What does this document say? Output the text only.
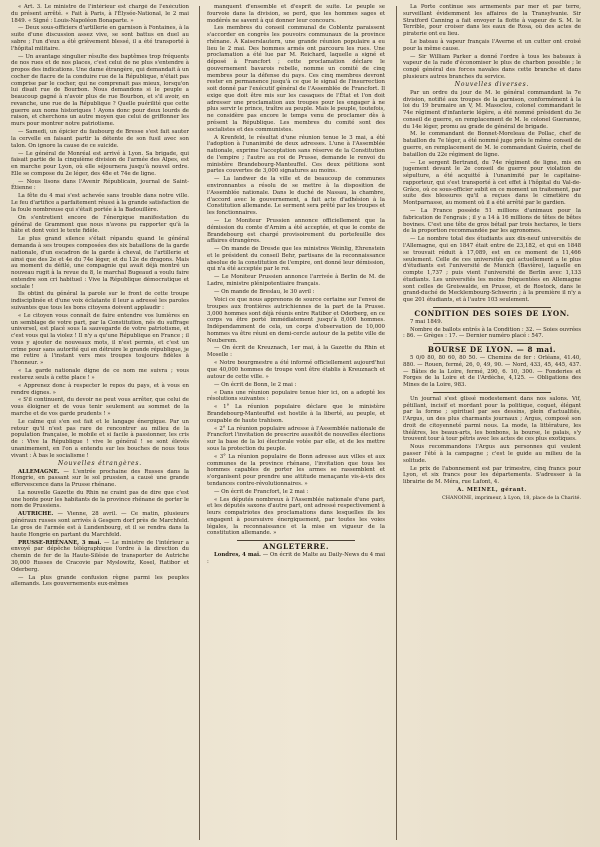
« Art. 3. Le ministre de l'intérieur est chargé de l'exécution du présent arrêté. « Fait à Paris, à l'Élysée-National, le 2 mai 1849. « Signé : Louis-Napoléon Bonaparte. »

— Deux sous-officiers d'artillerie en garnison à Fontaines, à la suite d'une discussion assez vive, se sont battus en duel au sabre ; l'un d'eux a été grièvement blessé, il a été transporté à l'hôpital militaire.

— Un avantage singulier résulte des baptêmes trop fréquents de nos rues et de nos places, c'est celui de ne plus s'entendre à propos des indications. Une dame étrangère, qui demandait à un cocher de fiacre de la conduire rue de la République, n'était pas comprise par le cocher, qui ne comprenait pas mieux, lorsqu'on lui disait rue de Bourbon. Nous demandons si le peuple a beaucoup gagné à n'avoir plus de rue Bourbon, et s'il avoir, en revanche, une rue de la République ? Quelle puérilité que cette guerre aux noms historiques ! Ayons donc pour deux lourds de raison, et cherchons un autre moyen que celui de griffonner les murs pour montrer notre patriotisme.

— Samedi, un épicier du faubourg de Bresse s'est fait sauter la cervelle en faisant partir la détente de son fusil avec son talon. On ignore la cause de ce suicide.

— Le général de Monréal est arrivé à Lyon. Sa brigade, qui faisait partie de la cinquième division de l'armée des Alpes, est en marche pour Lyon, où elle séjournera jusqu'à nouvel ordre. Elle se compose du 2e léger, des 48e et 74e de ligne.

— Nous lisons dans l'Avenir Républicain, journal de Saint-Étienne :

La fête du 4 mai s'est achevée sans trouble dans notre ville. Le feu d'artifice a parfaitement réussi à la grande satisfaction de la foule nombreuse qui s'était portée à la Badouillère.

On s'entretient encore de l'énergique manifestation du général de Grammont que nous n'avons pu rapporter qu'à la hâte et dont voici le texte fidèle.

Le plus grand silence s'était répandu quand le général demanda à ses troupes composées des six bataillons de la garde nationale, d'un escadron de la garde à cheval, de l'artillerie et ainsi que des 2e et 4e du 74e léger, et du 12e de dragons. Mais au moment du défilé, une compagnie qui avait déjà montré un nouveau rugit à la revue du 8, le marchal Bugeaud a voulu faire entendre son cri habituel : Vive la République démocratique et sociale !

Ils obtint du général la parole sur le front de cette troupe indisciplinée et d'une voix éclatante il leur a adressé les paroles suivantes que tous les bons citoyens doivent applaudir :

« Le citoyen vous connaît de faire entendre vos lumières en un semblage de votre part, par la Constitution, nés du suffrage universel, est placé sous la sauvegarde de votre patriotisme, et c'est vous qui la violez ! Il n'y a qu'une République en France ; il vous y ajouter de nouveaux mots, il n'est permis, et c'est un crime pour sans autorité qui en détruire le grande république, je me retire à l'instant vers mes troupes toujours fidèles à l'honneur. »

« La garde nationale digne de ce nom me suivra ; vous resterez seuls à cette place ! »

« Apprenez donc à respecter le repos du pays, et à vous en rendre dignes. »

« S'il continuent, du devoir ne peut vous arrêter, que celui de vous éloigner et de vous tenir seulement au sommet de la marche et de vos garde prudents ! »

Le calme qui s'en est fait et le langage énergique. Par un retour qu'il n'est pas rare de rencontrer au milieu de la population française, le mobile et si facile à passionner, les cris de : Vive la République ! vive le général ! se sont élevés unanimement, en l'on a entendu sur les bouches de nous tous vivant : À bas le socialisme !

Nouvelles étrangères.

ALLEMAGNE. — L'entrée prochaine des Russes dans la Hongrie, en passant sur le sol prussien, a causé une grande effervescence dans la Prusse rhénane.

La nouvelle Gazette du Rhin ne craint pas de dire que c'est une honte pour les habitants de la province rhénane de porter le nom de Prussiens.

AUTRICHE. — Vienne, 28 avril. — Ce matin, plusieurs généraux russes sont arrivés à Gesgern dorf près de Marchfeld. Le gros de l'armée est à Lundenbourg, et il se rendra dans la haute Hongrie en partant du Marchfeld.

PRUSSE-RHÉNANE, 3 mai. — Le ministre de l'intérieur a envoyé par dépêche télégraphique l'ordre à la direction du chemin de fer de la Haute-Silésie de transporter de Autriche 30,000 Russes de Cracovie par Myslowitz, Kosel, Ratibor et Oderberg.

— La plus grande confusion règne parmi les peuples allemands. Les gouvernements eux-mêmes

manquent d'ensemble et d'esprit de suite. Le peuple se fourvoie dans la division, se perd, que les hommes sages et modérés ne savent à qui donner leur concours.

Les membres du conseil communal de Coblentz paraissent s'accorder en congrès les pouvoirs communaux de la province rhénane. À Kaiserslautern, une grande réunion populaire a eu lieu le 2 mai. Des hommes armés ont parcouru les rues. Une proclamation a été lue par M. Reichard, laquelle a signé et déposé à Francfort ; cette proclamation déclare le gouvernement bavarois rebelle, nomme un comité de cinq membres pour la défense du pays. Ces cinq membres devront rester en permanence jusqu'à ce que le signal de l'insurrection soit donné par l'exécutif général de l'Assemblée de Francfort. Il exige que doit être mis sur les casaques de l'État et l'on doit adresser une proclamation aux troupes pour les engager à ne plus servir le prince, traître au peuple. Mais le peuple, toutefois, ne considère pas encore le temps venu de proclamer dès à présent la République. Les membres du comité sont des socialistes et des communistes.

A Krenfeld, le résultat d'une réunion tenue le 3 mai, a été l'adoption à l'unanimité de deux adresses. L'une à l'Assemblée nationale, exprime l'acceptation sans réserve de la Constitution de l'empire ; l'autre au roi de Prusse, demande le renvoi du ministère Brandebourg-Manteuffel. Ces deux pétitions sont partes couvertes de 3,000 signatures au moins.

— La landwer de la ville et de beaucoup de communes environnantes a résolu de se mettre à la disposition de l'Assemblée nationale. Dans le duché de Nassau, la chambre, d'accord avec le gouvernement, a fait acte d'adhésion à la Constitution allemande. Le serment sera prêté par les troupes et les fonctionnaires.

— Le Moniteur Prussien annonce officiellement que la démission du comte d'Arnim a été acceptée, et que le comte de Brandebourg est chargé provisoirement du portefeuille des affaires étrangères.

— On mande de Dresde que les ministres Weinlig, Ehrenstein et le président du conseil Behr, partisans de la reconnaissance absolue de la constitution de l'empire, ont donné leur démission, qui n'a été acceptée par le roi.

— Le Moniteur Prussien annonce l'arrivée à Berlin de M. de Ladre, ministre plénipotentiaire français.

— On mande de Breslau, le 30 avril :

Voici ce que nous apprenons de source certaine sur l'envoi de troupes aux frontières autrichiennes de la part de la Prusse. 3,000 hommes sont déjà réunis entre Ratibor et Oderberg, en ce corps va être porté immédiatement jusqu'à 8,000 hommes. Indépendamment de cela, un corps d'observation de 10,000 hommes va être réuni en demi-cercle autour de la petite ville de Neuberem.

— On écrit de Kreuznach, 1er mai, à la Gazette du Rhin et Moselle :

« Notre bourgmestre a été informé officiellement aujourd'hui que 40,000 hommes de troupe vont être établis à Kreuznach et autour de cette ville. »

— On écrit de Bonn, le 2 mai :

« Dans une réunion populaire tenue hier ici, on a adopté les résolutions suivantes :

« 1° La réunion populaire déclare que le ministère Brandebourg-Manteuffel est hostile à la liberté, au peuple, et coupable de haute trahison.

« 2° La réunion populaire adresse à l'Assemblée nationale de Francfort l'invitation de prescrire aussitôt de nouvelles élections sur la base de la loi électorale votée par elle, et de les mettre sous la protection du peuple.

« 3° La réunion populaire de Bonn adresse aux villes et aux communes de la province rhénane, l'invitation que tous les hommes capables de porter les armes se rassemblent et s'organisent pour prendre une attitude menaçante vis-à-vis des tendances contre-révolutionnaires. »

— On écrit de Francfort, le 2 mai :

« Les députés nombreux à l'Assemblée nationale d'une part, et les députés saxons d'autre part, ont adressé respectivement à leurs compatriotes des proclamations dans lesquelles ils les engagent à poursuivre énergiquement, par toutes les voies légales, la reconnaissance et la mise en vigueur de la constitution allemande. »

ANGLETERRE.

Londres, 4 mai. — On écrit de Malte au Daily-News du 4 mai :

La Porte continue ses armements par mer et par terre, surveillant évidemment les affaires de la Transylvanie. Sir Stratford Canning a fait envoyer la flotte à vapeur de S. M. le Terrible, pour croiser dans les eaux de Rosa, où des actes de piraterie ont eu lieu.

Le bateau à vapeur français l'Averne et un cutter ont croisé pour la même cause.

— Sir William Parker a donné l'ordre à tous les bateaux à vapeur de la rade d'économiser le plus de charbon possible ; le congé général des forces navales dans cette branche et dans plusieurs autres branches du service.

Nouvelles diverses.

Par un ordre du jour de M. le général commandant la 7e division, notifié aux troupes de la garnison, conformément à la loi du 19 brumaire an V, M. Masoclou, colonel commandant le 74e régiment d'infanterie légère, a été nommé président du 3e conseil de guerre, en remplacement de M. le colonel Gueranne, du 14e léger, promu au grade de général de brigade.

M. le commandant de Bonnet-Moreleau de Pollac, chef de bataillon du 7e léger, a été nommé juge près le même conseil de guerre, en remplacement de M. le commandant Guérin, chef de bataillon du 22e régiment de ligne.

— Le sergent Bertrand, du 74e régiment de ligne, mis en jugement devant le 2e conseil de guerre pour violation de sépulture, a été acquitté à l'unanimité par le capitaine-rapporteur, qui s'est transporté à cet effet à l'hôpital du Val-de-Grâce, où ce sous-officier subit en ce moment un traitement, par suite des blessures qu'il a reçues dans le cimetière du Montparnasse, au moment où il a été arrêté par le gardien.

— La France possède 51 millions d'animaux pour la fabrication de l'engrais ; il y a 14 à 16 millions de têtes de bêtes bovines. C'est une tête de gros bétail par trois hectares, le tiers de la proportion recommandée par les agronomes.

— Le nombre total des étudiants aux dix-neuf universités de l'Allemagne, qui en 1847 était entre de 23,182, et qui en 1848 se trouvait réduit à 17,089, est en ce moment de 11,466 seulement. Celle de ces universités qui actuellement a le plus d'étudiants est l'université de Munich (Bavière), laquelle en compte 1,737 ; puis vient l'université de Berlin avec 1,133 étudiants. Les universités les moins fréquentées en Allemagne sont celles de Greiswalde, en Prusse, et de Rostock, dans le grand-duché de Mecklembourg-Schwerin ; à la première il n'y a que 201 étudiants, et à l'autre 103 seulement.

CONDITION DES SOIES DE LYON.

7 mai 1849.

Nombre de ballots entrés à la Condition : 32. — Soies ouvrées : 86. — Grèges : 17. — Dernier numéro placé : 547.

BOURSE DE LYON. — 8 mai.

5 0/0 80, 80 60, 80 50. — Chemins de fer : Orléans, 41.40, 880. — Rouen, fermé, 26, 0, 49, 90. — Nord, 433, 45, 445, 437. — Bâtes de la Loire, fermé, 290, 6. 10, 300. — Fonderies et Forges de la Loire et de l'Ardèche, 4,125. — Obligations des Mines de la Loire, 983.

Un journal s'est glissé modestement dans nos salons. Vif, pétillant, incisif et mordant pour la politique, coquet, élégant par la forme ; spirituel par ses dessins, plein d'actualités, l'Argus, un des plus charmants journaux ; Argus, composé son droit de citoyenneté parmi nous. La mode, la littérature, les théâtres, les beaux-arts, les bonbons, la bourse, le palais, s'y trouvent tour à tour pétris avec les actes de ces plus exotiques.

Nous recommandons l'Argus aux personnes qui veulent passer l'été à la campagne ; c'est le guide au milieu de la solitude.

Le prix de l'abonnement est par trimestre, cinq francs pour Lyon, et six francs pour les départements. S'adresser à la librairie de M. Méra, rue Lafont, 4.

A. MEINEL, gérant.

CHANOINE, imprimeur, à Lyon, 18, place de la Charité.
